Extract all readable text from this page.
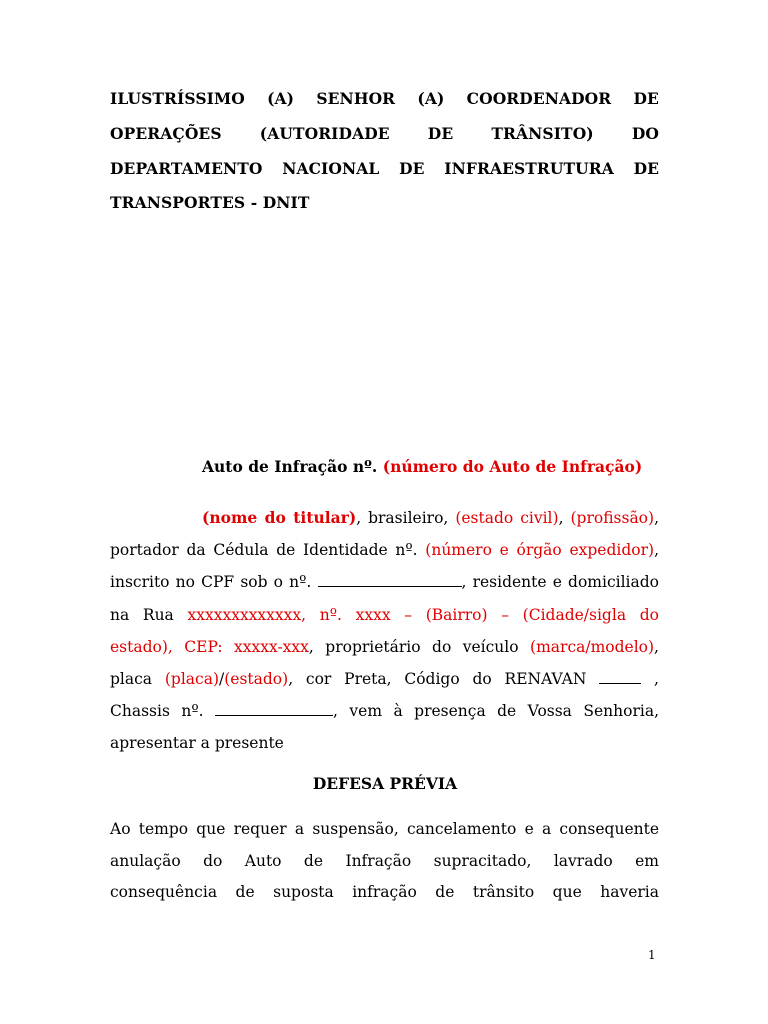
ILUSTRÍSSIMO (A) SENHOR (A) COORDENADOR DE
OPERAÇÕES (AUTORIDADE DE TRÂNSITO) DO
DEPARTAMENTO NACIONAL DE INFRAESTRUTURA DE
TRANSPORTES - DNIT
Auto de Infração nº. (número do Auto de Infração)
(nome do titular), brasileiro, (estado civil), (profissão),
portador da Cédula de Identidade nº. (número e órgão expedidor),
inscrito no CPF sob o nº.	, residente e domiciliado
na Rua xxxxxxxxxxxxx, nº. xxxx – (Bairro) – (Cidade/sigla do
estado), CEP: xxxxx-xxx, proprietário do veículo (marca/modelo),
placa (placa)/(estado), cor Preta, Código do RENAVAN	,
Chassis nº.	, vem à presença de Vossa Senhoria,
apresentar a presente
DEFESA PRÉVIA
Ao tempo que requer a suspensão, cancelamento e a consequente
anulação do Auto de Infração supracitado, lavrado em
consequência de suposta infração de trânsito que haveria
1
